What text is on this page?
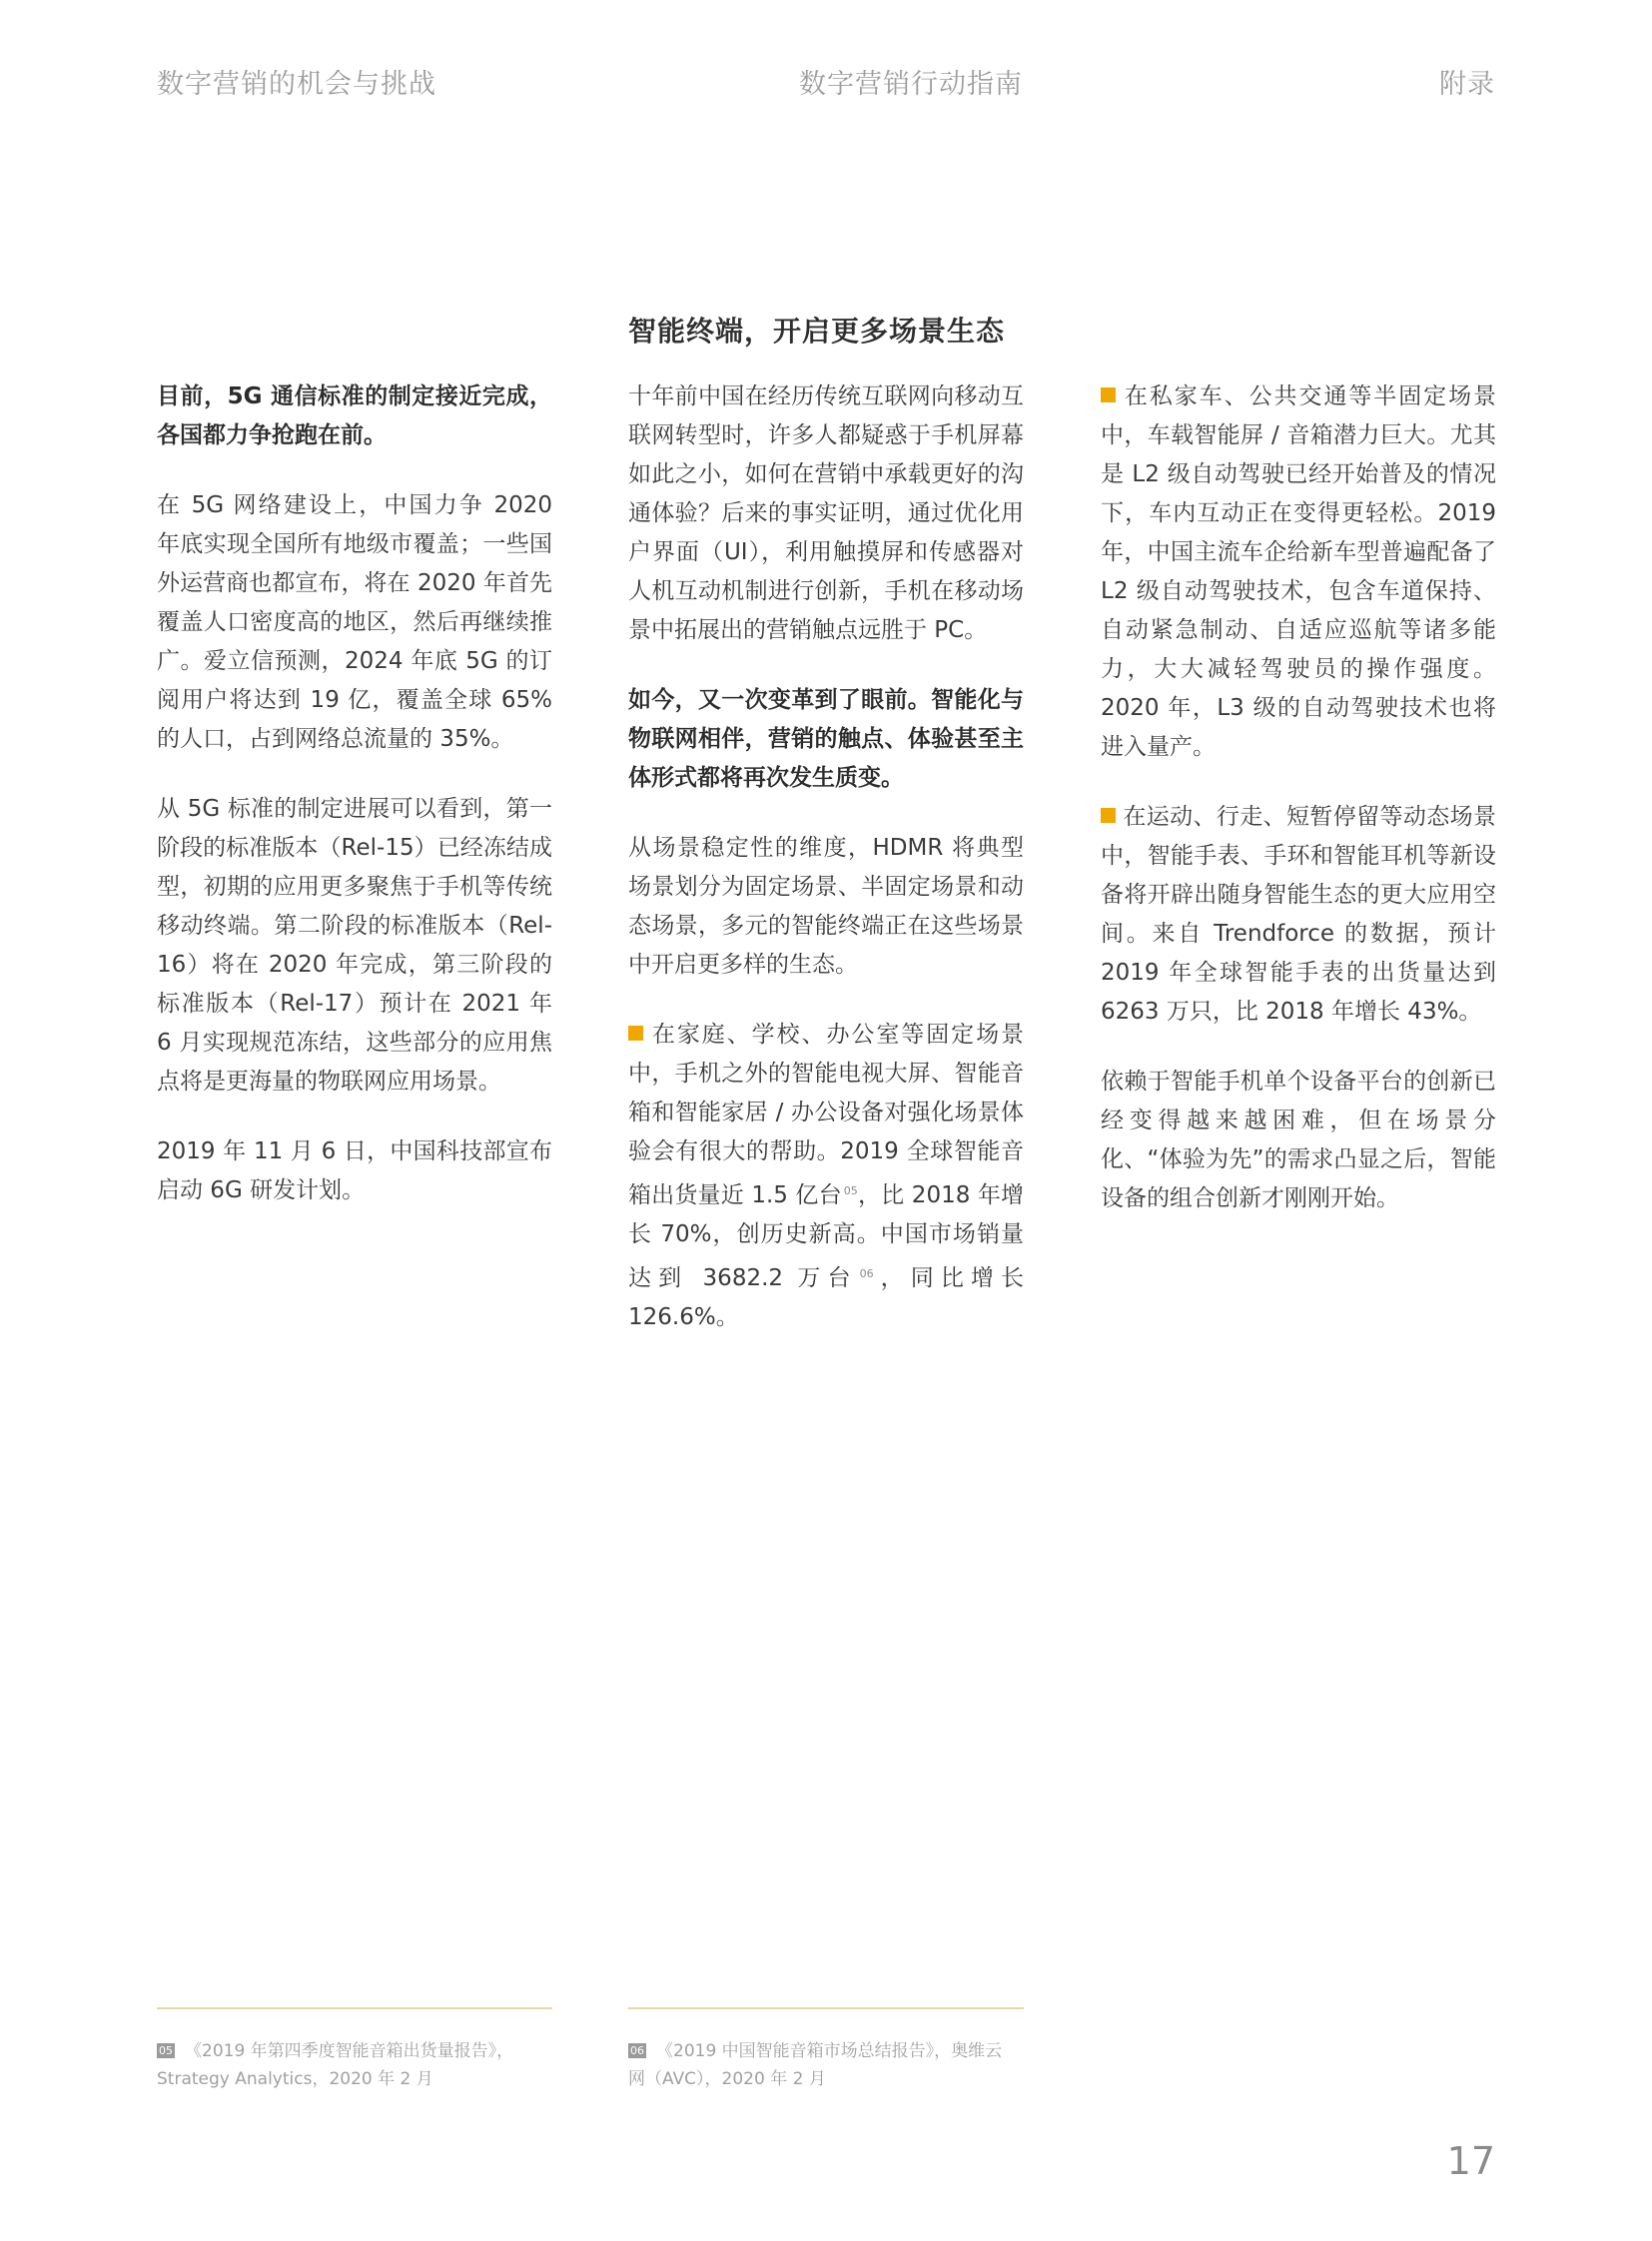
数字营销的机会与挑战	数字营销行动指南	附录
智能终端，开启更多场景生态

目前，5G 通信标准的制定接近完成，各国都力争抢跑在前。

在 5G 网络建设上，中国力争 2020 年底实现全国所有地级市覆盖；一些国外运营商也都宣布，将在 2020 年首先覆盖人口密度高的地区，然后再继续推广。爱立信预测，2024 年底 5G 的订阅用户将达到 19 亿，覆盖全球 65% 的人口，占到网络总流量的 35%。

从 5G 标准的制定进展可以看到，第一阶段的标准版本（Rel-15）已经冻结成型，初期的应用更多聚焦于手机等传统移动终端。第二阶段的标准版本（Rel-16）将在 2020 年完成，第三阶段的标准版本（Rel-17）预计在 2021 年 6 月实现规范冻结，这些部分的应用焦点将是更海量的物联网应用场景。

2019 年 11 月 6 日，中国科技部宣布启动 6G 研发计划。

十年前中国在经历传统互联网向移动互联网转型时，许多人都疑惑于手机屏幕如此之小，如何在营销中承载更好的沟通体验？后来的事实证明，通过优化用户界面（UI），利用触摸屏和传感器对人机互动机制进行创新，手机在移动场景中拓展出的营销触点远胜于 PC。

如今，又一次变革到了眼前。智能化与物联网相伴，营销的触点、体验甚至主体形式都将再次发生质变。

从场景稳定性的维度，HDMR 将典型场景划分为固定场景、半固定场景和动态场景，多元的智能终端正在这些场景中开启更多样的生态。

在家庭、学校、办公室等固定场景中，手机之外的智能电视大屏、智能音箱和智能家居 / 办公设备对强化场景体验会有很大的帮助。2019 全球智能音箱出货量近 1.5 亿台 05，比 2018 年增长 70%，创历史新高。中国市场销量达到 3682.2 万台 06，同比增长 126.6%。

在私家车、公共交通等半固定场景中，车载智能屏 / 音箱潜力巨大。尤其是 L2 级自动驾驶已经开始普及的情况下，车内互动正在变得更轻松。2019 年，中国主流车企给新车型普遍配备了 L2 级自动驾驶技术，包含车道保持、自动紧急制动、自适应巡航等诸多能力，大大减轻驾驶员的操作强度。2020 年，L3 级的自动驾驶技术也将进入量产。

在运动、行走、短暂停留等动态场景中，智能手表、手环和智能耳机等新设备将开辟出随身智能生态的更大应用空间。来自 Trendforce 的数据，预计 2019 年全球智能手表的出货量达到 6263 万只，比 2018 年增长 43%。

依赖于智能手机单个设备平台的创新已经变得越来越困难，但在场景分化、“体验为先”的需求凸显之后，智能设备的组合创新才刚刚开始。

05 《2019 年第四季度智能音箱出货量报告》，Strategy Analytics，2020 年 2 月
06 《2019 中国智能音箱市场总结报告》，奥维云网（AVC），2020 年 2 月
17
